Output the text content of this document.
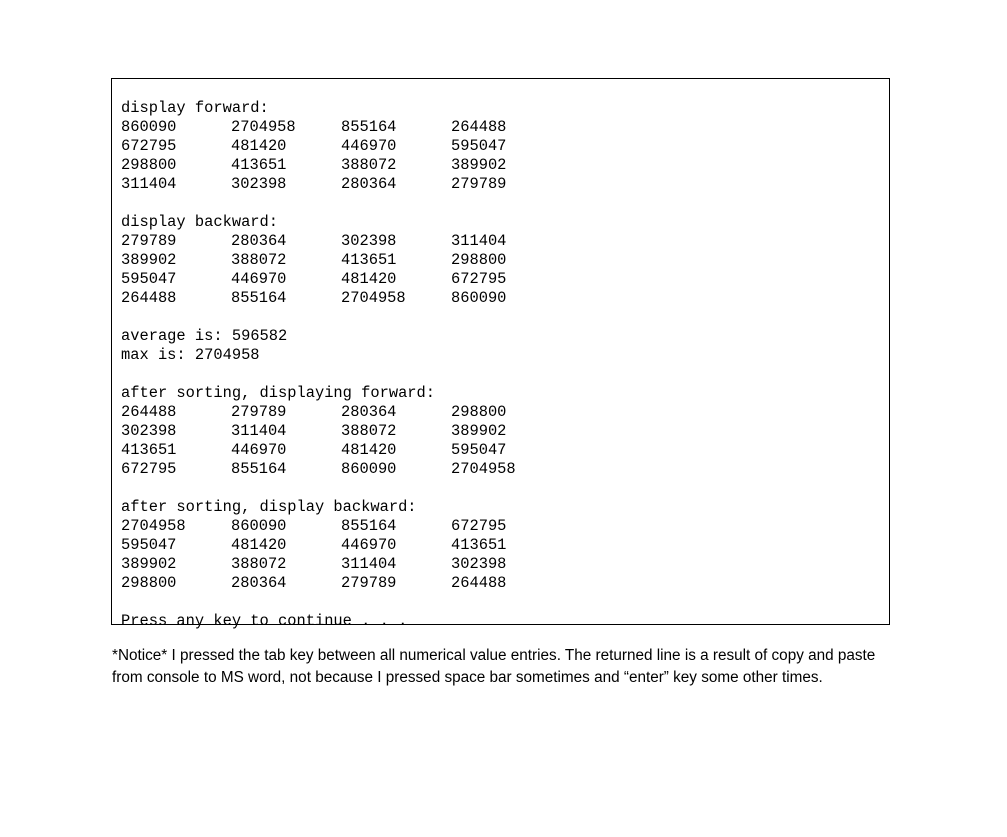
display forward:
860090	2704958	855164	264488
672795	481420	446970	595047
298800	413651	388072	389902
311404	302398	280364	279789
display backward:
279789	280364	302398	311404
389902	388072	413651	298800
595047	446970	481420	672795
264488	855164	2704958	860090
average is: 596582
max is: 2704958
after sorting, displaying forward:
264488	279789	280364	298800
302398	311404	388072	389902
413651	446970	481420	595047
672795	855164	860090	2704958
after sorting, display backward:
2704958	860090	855164	672795
595047	481420	446970	413651
389902	388072	311404	302398
298800	280364	279789	264488
Press any key to continue . . .
*Notice* I pressed the tab key between all numerical value entries. The returned line is a result of copy and paste
from console to MS word, not because I pressed space bar sometimes and “enter” key some other times.
